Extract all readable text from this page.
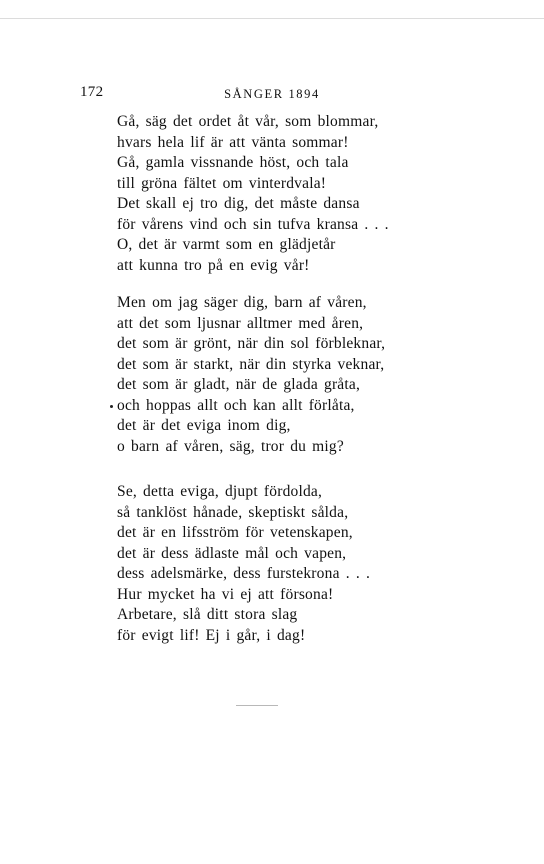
172	SÅNGER 1894
Gå, säg det ordet åt vår, som blommar,
hvars hela lif är att vänta sommar!
Gå, gamla vissnande höst, och tala
till gröna fältet om vinterdvala!
Det skall ej tro dig, det måste dansa
för vårens vind och sin tufva kransa . . .
O, det är varmt som en glädjetår
att kunna tro på en evig vår!
Men om jag säger dig, barn af våren,
att det som ljusnar alltmer med åren,
det som är grönt, när din sol förbleknar,
det som är starkt, när din styrka veknar,
det som är gladt, när de glada gråta,
och hoppas allt och kan allt förlåta,
det är det eviga inom dig,
o barn af våren, säg, tror du mig?
Se, detta eviga, djupt fördolda,
så tanklöst hånade, skeptiskt sålda,
det är en lifsström för vetenskapen,
det är dess ädlaste mål och vapen,
dess adelsmärke, dess furstekrona . . .
Hur mycket ha vi ej att försona!
Arbetare, slå ditt stora slag
för evigt lif! Ej i går, i dag!
